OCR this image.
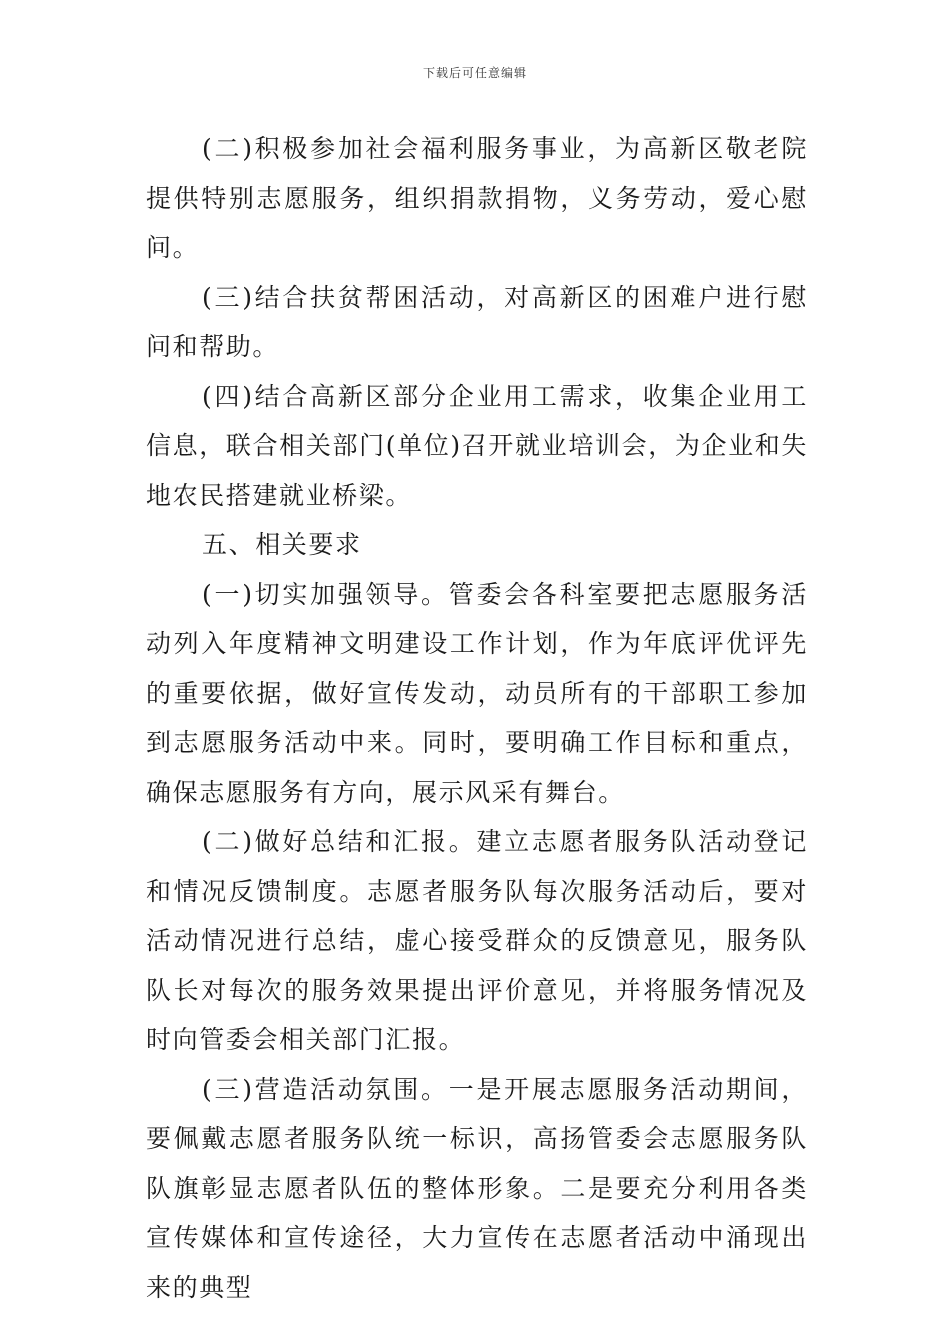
下载后可任意编辑

(二)积极参加社会福利服务事业，为高新区敬老院提供特别志愿服务，组织捐款捐物，义务劳动，爱心慰问。

(三)结合扶贫帮困活动，对高新区的困难户进行慰问和帮助。

(四)结合高新区部分企业用工需求，收集企业用工信息，联合相关部门(单位)召开就业培训会，为企业和失地农民搭建就业桥梁。

五、相关要求

(一)切实加强领导。管委会各科室要把志愿服务活动列入年度精神文明建设工作计划，作为年底评优评先的重要依据，做好宣传发动，动员所有的干部职工参加到志愿服务活动中来。同时，要明确工作目标和重点，确保志愿服务有方向，展示风采有舞台。

(二)做好总结和汇报。建立志愿者服务队活动登记和情况反馈制度。志愿者服务队每次服务活动后，要对活动情况进行总结，虚心接受群众的反馈意见，服务队队长对每次的服务效果提出评价意见，并将服务情况及时向管委会相关部门汇报。

(三)营造活动氛围。一是开展志愿服务活动期间，要佩戴志愿者服务队统一标识，高扬管委会志愿服务队队旗彰显志愿者队伍的整体形象。二是要充分利用各类宣传媒体和宣传途径，大力宣传在志愿者活动中涌现出来的典型
